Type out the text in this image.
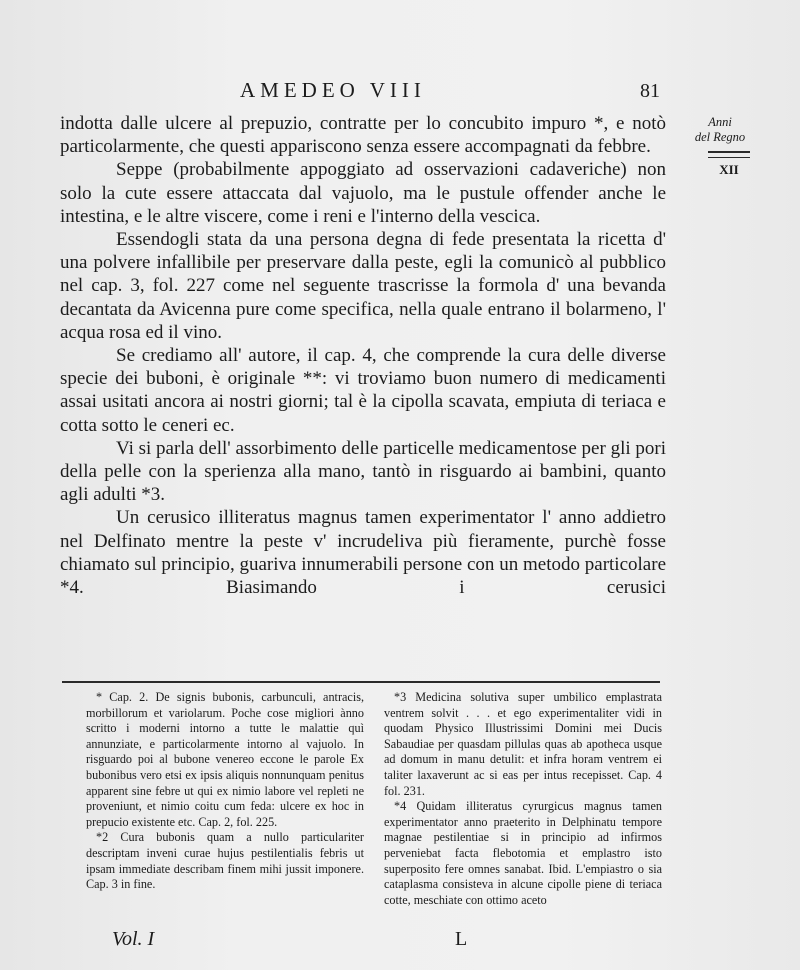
AMEDEO VIII	81
Anni
del Regno
XII

indotta dalle ulcere al prepuzio, contratte per lo concubito impuro *, e notò particolarmente, che questi appariscono senza essere accompagnati da febbre.

Seppe (probabilmente appoggiato ad osservazioni cadaveriche) non solo la cute essere attaccata dal vajuolo, ma le pustule offender anche le intestina, e le altre viscere, come i reni e l'interno della vescica.

Essendogli stata da una persona degna di fede presentata la ricetta d' una polvere infallibile per preservare dalla peste, egli la comunicò al pubblico nel cap. 3, fol. 227 come nel seguente trascrisse la formola d' una bevanda decantata da Avicenna pure come specifica, nella quale entrano il bolarmeno, l' acqua rosa ed il vino.

Se crediamo all' autore, il cap. 4, che comprende la cura delle diverse specie dei buboni, è originale **: vi troviamo buon numero di medicamenti assai usitati ancora ai nostri giorni; tal è la cipolla scavata, empiuta di teriaca e cotta sotto le ceneri ec.

Vi si parla dell' assorbimento delle particelle medicamentose per gli pori della pelle con la sperienza alla mano, tantò in risguardo ai bambini, quanto agli adulti *3.

Un cerusico illiteratus magnus tamen experimentator l' anno addietro nel Delfinato mentre la peste v' incrudeliva più fieramente, purchè fosse chiamato sul principio, guariva innumerabili persone con un metodo particolare *4. Biasimando i cerusici

* Cap. 2. De signis bubonis, carbunculi, antracis, morbillorum et variolarum. Poche cose migliori ànno scritto i moderni intorno a tutte le malattie quì annunziate, e particolarmente intorno al vajuolo. In risguardo poi al bubone venereo eccone le parole Ex bubonibus vero etsi ex ipsis aliquis nonnunquam penitus apparent sine febre ut qui ex nimio labore vel repleti ne proveniunt, et nimio coitu cum feda: ulcere ex hoc in prepucio existente etc. Cap. 2, fol. 225.

*2 Cura bubonis quam a nullo particulariter descriptam inveni curae hujus pestilentialis febris ut ipsam immediate describam finem mihi jussit imponere. Cap. 3 in fine.

*3 Medicina solutiva super umbilico emplastrata ventrem solvit . . . et ego experimentaliter vidi in quodam Physico Illustrissimi Domini mei Ducis Sabaudiae per quasdam pillulas quas ab apotheca usque ad domum in manu detulit: et infra horam ventrem ei taliter laxaverunt ac si eas per intus recepisset. Cap. 4 fol. 231.

*4 Quidam illiteratus cyrurgicus magnus tamen experimentator anno praeterito in Delphinatu tempore magnae pestilentiae si in principio ad infirmos perveniebat facta flebotomia et emplastro isto superposito fere omnes sanabat. Ibid. L'empiastro o sia cataplasma consisteva in alcune cipolle piene di teriaca cotte, meschiate con ottimo aceto

Vol. I	L
